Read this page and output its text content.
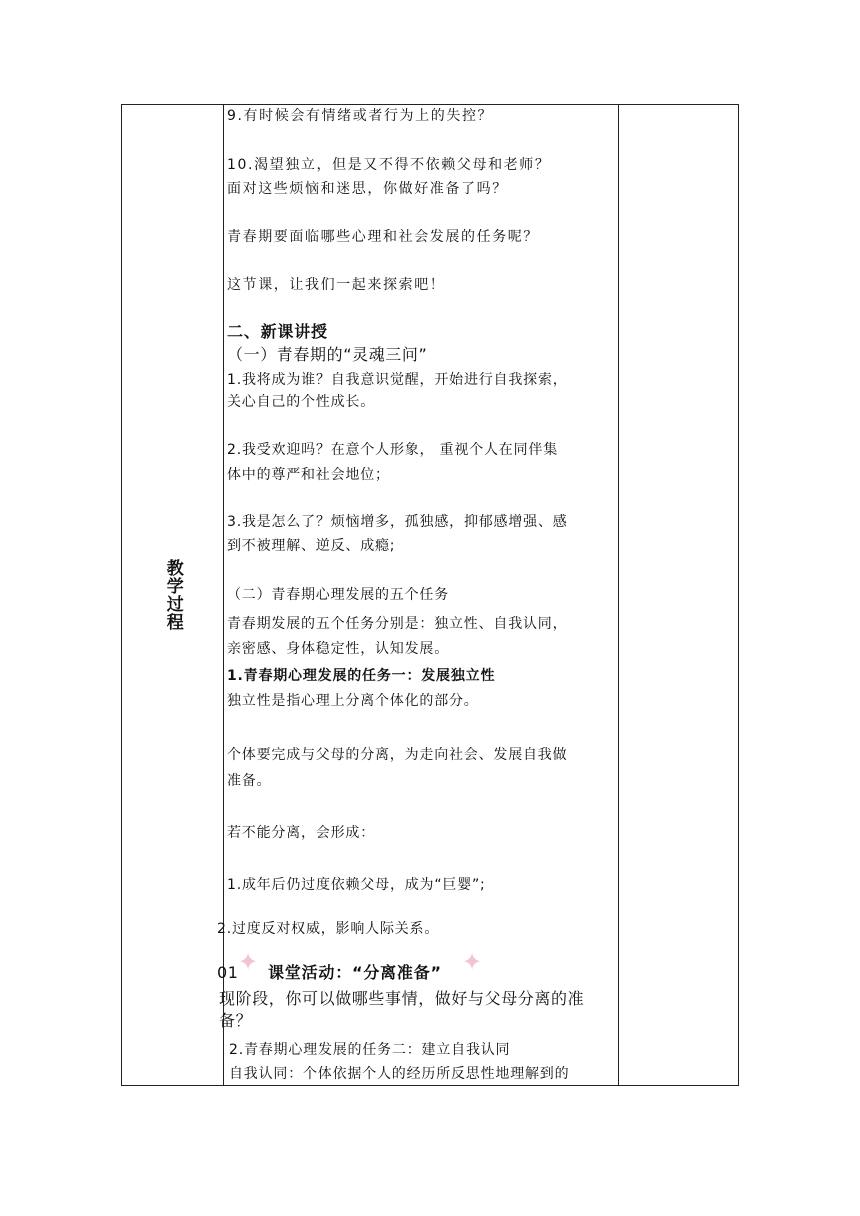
教学过程
9.有时候会有情绪或者行为上的失控？
10.渴望独立，但是又不得不依赖父母和老师？
面对这些烦恼和迷思，你做好准备了吗？
青春期要面临哪些心理和社会发展的任务呢？
这节课，让我们一起来探索吧！
二、新课讲授
（一）青春期的“灵魂三问”
1.我将成为谁？自我意识觉醒，开始进行自我探索，
关心自己的个性成长。
2.我受欢迎吗？在意个人形象， 重视个人在同伴集
体中的尊严和社会地位；
3.我是怎么了？烦恼增多，孤独感，抑郁感增强、感
到不被理解、逆反、成瘾;
（二）青春期心理发展的五个任务
青春期发展的五个任务分别是：独立性、自我认同，
亲密感、身体稳定性，认知发展。
1.青春期心理发展的任务一：发展独立性
独立性是指心理上分离个体化的部分。
个体要完成与父母的分离，为走向社会、发展自我做
准备。
若不能分离，会形成：
1.成年后仍过度依赖父母，成为“巨婴”;
2.过度反对权威，影响人际关系。
✦	✦
01 课堂活动：“分离准备”
现阶段，你可以做哪些事情，做好与父母分离的准
备？
2.青春期心理发展的任务二：建立自我认同
自我认同：个体依据个人的经历所反思性地理解到的
